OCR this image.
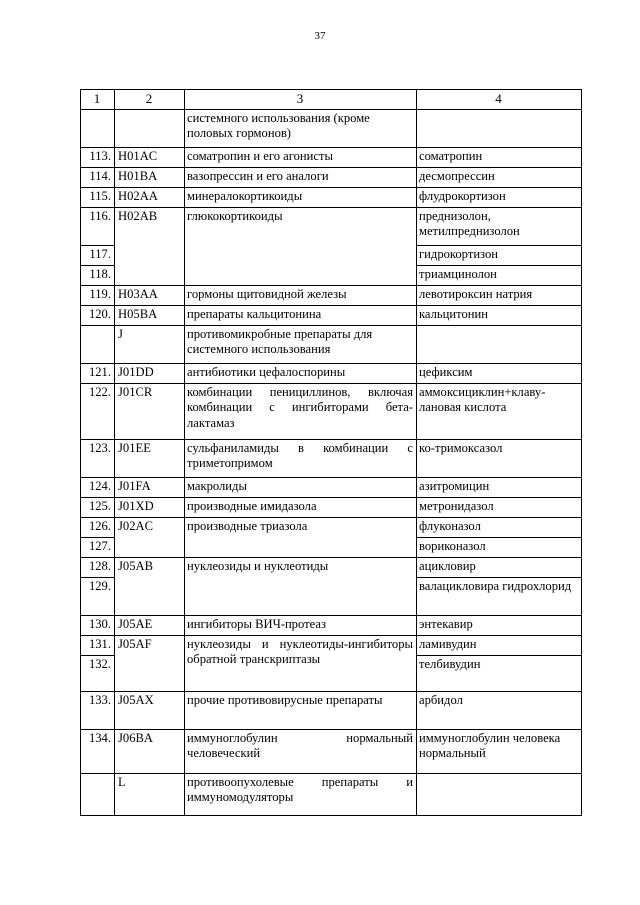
37
1	2	3	4
		системного использования (кроме половых гормонов)	
113.	H01AC	соматропин и его агонисты	соматропин
114.	H01BA	вазопрессин и его аналоги	десмопрессин
115.	H02AA	минералокортикоиды	флудрокортизон
116.	H02AB	глюкокортикоиды	преднизолон, метилпреднизолон
117.			гидрокортизон
118.			триамцинолон
119.	H03AA	гормоны щитовидной железы	левотироксин натрия
120.	H05BA	препараты кальцитонина	кальцитонин
	J	противомикробные препараты для системного использования	
121.	J01DD	антибиотики цефалоспорины	цефиксим
122.	J01CR	комбинации пенициллинов, включая комбинации с ингибиторами бета-лактамаз	аммоксициклин+клаву-лановая кислота
123.	J01EE	сульфаниламиды в комбинации с триметопримом	ко-тримоксазол
124.	J01FA	макролиды	азитромицин
125.	J01XD	производные имидазола	метронидазол
126.	J02AC	производные триазола	флуконазол
127.			вориконазол
128.	J05AB	нуклеозиды и нуклеотиды	ацикловир
129.			валацикловира гидрохлорид
130.	J05AE	ингибиторы ВИЧ-протеаз	энтекавир
131.	J05AF	нуклеозиды и нуклеотиды-ингибиторы обратной транскриптазы	ламивудин
132.			телбивудин
133.	J05AX	прочие противовирусные препараты	арбидол
134.	J06BA	иммуноглобулин нормальный человеческий	иммуноглобулин человека нормальный
	L	противоопухолевые препараты и иммуномодуляторы	
